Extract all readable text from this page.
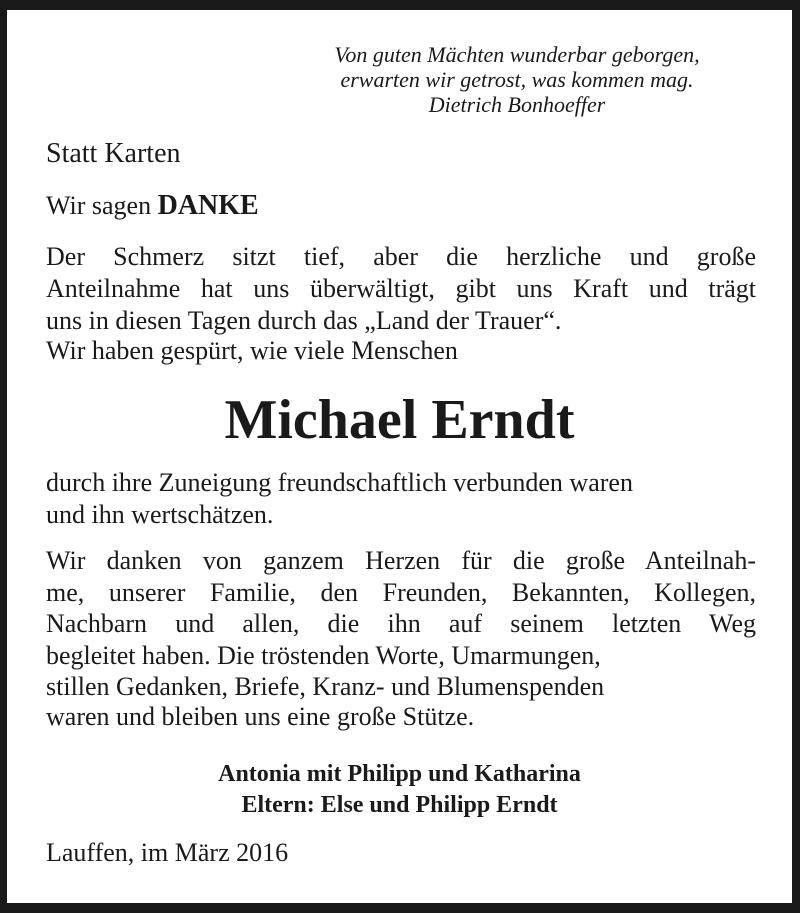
Von guten Mächten wunderbar geborgen,
erwarten wir getrost, was kommen mag.
Dietrich Bonhoeffer
Statt Karten
Wir sagen DANKE
Der Schmerz sitzt tief, aber die herzliche und große
Anteilnahme hat uns überwältigt, gibt uns Kraft und trägt
uns in diesen Tagen durch das „Land der Trauer“.
Wir haben gespürt, wie viele Menschen
Michael Erndt
durch ihre Zuneigung freundschaftlich verbunden waren
und ihn wertschätzen.
Wir danken von ganzem Herzen für die große Anteilnah-
me, unserer Familie, den Freunden, Bekannten, Kollegen,
Nachbarn und allen, die ihn auf seinem letzten Weg
begleitet haben. Die tröstenden Worte, Umarmungen,
stillen Gedanken, Briefe, Kranz- und Blumenspenden
waren und bleiben uns eine große Stütze.
Antonia mit Philipp und Katharina
Eltern: Else und Philipp Erndt
Lauffen, im März 2016
